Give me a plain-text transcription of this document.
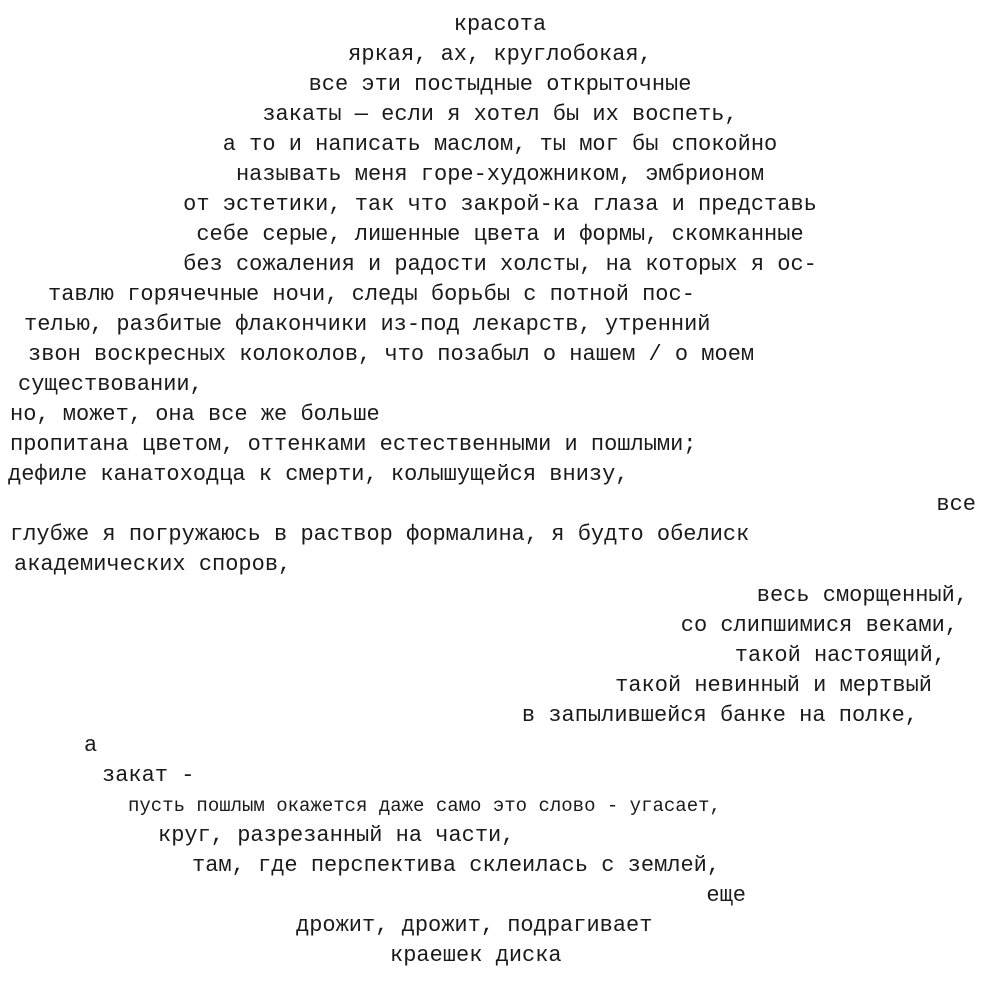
красота
яркая, ах, круглобокая,
все эти постыдные открыточные
закаты — если я хотел бы их воспеть,
а то и написать маслом, ты мог бы спокойно
называть меня горе-художником, эмбрионом
от эстетики, так что закрой-ка глаза и представь
себе серые, лишенные цвета и формы, скомканные
без сожаления и радости холсты, на которых я ос-
тавлю горячечные ночи, следы борьбы с потной пос-
телью, разбитые флакончики из-под лекарств, утренний
звон воскресных колоколов, что позабыл о нашем / о моем
существовании,
но, может, она все же больше
пропитана цветом, оттенками естественными и пошлыми;
дефиле канатоходца к смерти, колышущейся внизу,
все
глубже я погружаюсь в раствор формалина, я будто обелиск
академических споров,
весь сморщенный,
со слипшимися веками,
такой настоящий,
такой невинный и мертвый
в запылившейся банке на полке,
а
закат -
пусть пошлым окажется даже само это слово - угасает,
круг, разрезанный на части,
там, где перспектива склеилась с землей,
еще
дрожит, дрожит, подрагивает
краешек диска
